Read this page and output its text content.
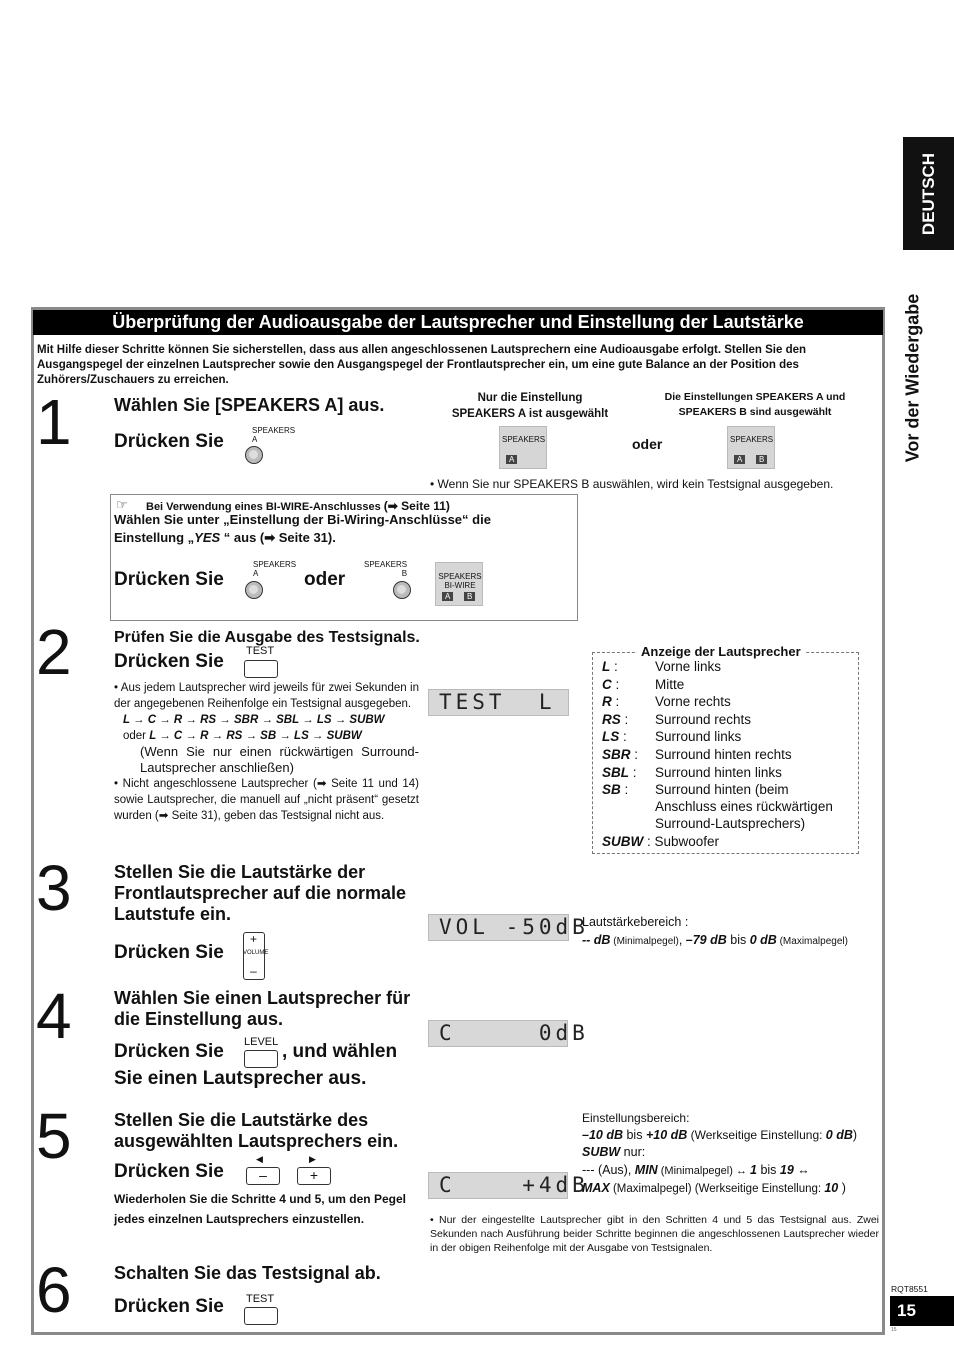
DEUTSCH
Vor der Wiedergabe
Überprüfung der Audioausgabe der Lautsprecher und Einstellung der Lautstärke
Mit Hilfe dieser Schritte können Sie sicherstellen, dass aus allen angeschlossenen Lautsprechern eine Audioausgabe erfolgt. Stellen Sie den Ausgangspegel der einzelnen Lautsprecher sowie den Ausgangspegel der Frontlautsprecher ein, um eine gute Balance an der Position des Zuhörers/Zuschauers zu erreichen.
1 Wählen Sie [SPEAKERS A] aus.
Drücken Sie
SPEAKERS
A
Nur die Einstellung
SPEAKERS A ist ausgewählt
Die Einstellungen SPEAKERS A und
SPEAKERS B sind ausgewählt
SPEAKERS
A
oder	SPEAKERS
A	B
• Wenn Sie nur SPEAKERS B auswählen, wird kein Testsignal ausgegeben.
☞ Bei Verwendung eines BI-WIRE-Anschlusses (➡ Seite 11)
Wählen Sie unter „Einstellung der Bi-Wiring-Anschlüsse“ die
Einstellung „YES “ aus (➡ Seite 31).
Drücken Sie
SPEAKERS
A	oder
SPEAKERS
B	SPEAKERS
BI-WIRE
A	B
2	Prüfen Sie die Ausgabe des Testsignals.
Drücken Sie TEST
• Aus jedem Lautsprecher wird jeweils für zwei Sekunden in der angegebenen Reihenfolge ein Testsignal ausgegeben.
L → C → R → RS → SBR → SBL → LS → SUBW
oder L → C → R → RS → SB → LS → SUBW
(Wenn Sie nur einen rückwärtigen Surround-Lautsprecher anschließen)
• Nicht angeschlossene Lautsprecher (➡ Seite 11 und 14) sowie Lautsprecher, die manuell auf „nicht präsent“ gesetzt wurden (➡ Seite 31), geben das Testsignal nicht aus.
TEST  L
Anzeige der Lautsprecher
L :	Vorne links
C :	Mitte
R :	Vorne rechts
RS : Surround rechts
LS : Surround links
SBR : Surround hinten rechts
SBL : Surround hinten links
SB : Surround hinten (beim
Anschluss eines rückwärtigen
Surround-Lautsprechers)
SUBW : Subwoofer
3 Stellen Sie die Lautstärke der Frontlautsprecher auf die normale Lautstufe ein.
Drücken Sie
+
VOLUME
–
VOL -50dB
Lautstärkebereich :
-- dB (Minimalpegel), –79 dB bis 0 dB (Maximalpegel)
4 Wählen Sie einen Lautsprecher für die Einstellung aus.
Drücken Sie LEVEL , und wählen
Sie einen Lautsprecher aus.
C     0dB
5 Stellen Sie die Lautstärke des ausgewählten Lautsprechers ein.
Drücken Sie
◀
–
▶
+
Wiederholen Sie die Schritte 4 und 5, um den Pegel jedes einzelnen Lautsprechers einzustellen.
C    +4dB
Einstellungsbereich:
–10 dB bis +10 dB (Werkseitige Einstellung: 0 dB)
SUBW nur:
--- (Aus), MIN (Minimalpegel) ↔ 1 bis 19 ↔
MAX (Maximalpegel) (Werkseitige Einstellung: 10 )
• Nur der eingestellte Lautsprecher gibt in den Schritten 4 und 5 das Testsignal aus. Zwei Sekunden nach Ausführung beider Schritte beginnen die angeschlossenen Lautsprecher wieder in der obigen Reihenfolge mit der Ausgabe von Testsignalen.
6 Schalten Sie das Testsignal ab.
Drücken Sie TEST
RQT8551
15
15
